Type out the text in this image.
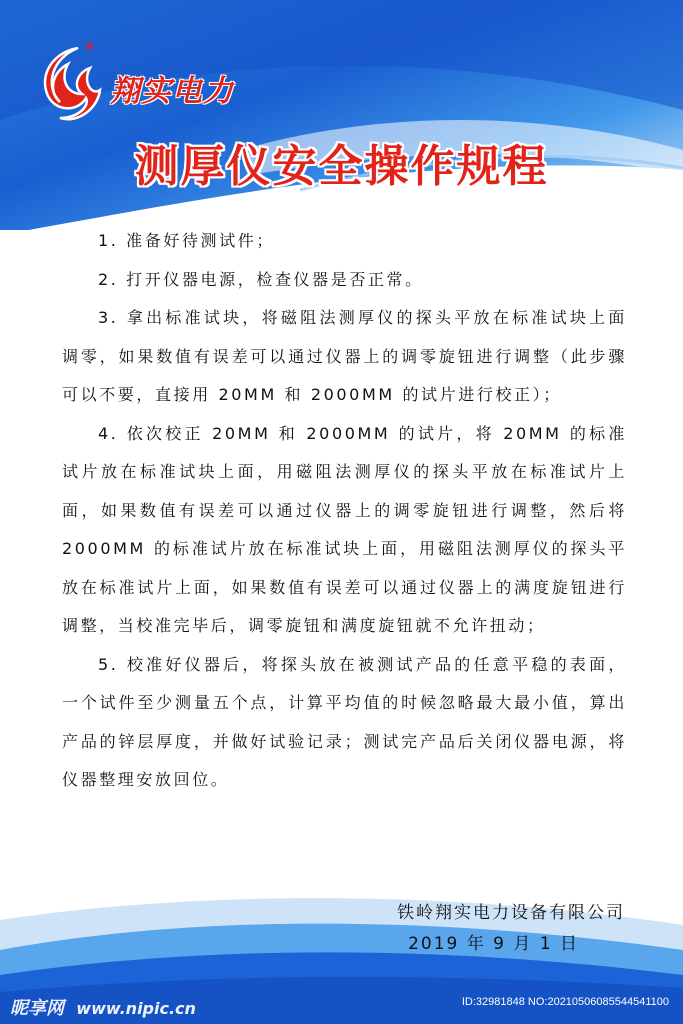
®
翔实电力
测厚仪安全操作规程

1. 准备好待测试件；

2. 打开仪器电源，检查仪器是否正常。

3. 拿出标准试块，将磁阻法测厚仪的探头平放在标准试块上面调零，如果数值有误差可以通过仪器上的调零旋钮进行调整（此步骤可以不要，直接用 20MM 和 2000MM 的试片进行校正）；

4. 依次校正 20MM 和 2000MM 的试片，将 20MM 的标准试片放在标准试块上面，用磁阻法测厚仪的探头平放在标准试片上面，如果数值有误差可以通过仪器上的调零旋钮进行调整，然后将 2000MM 的标准试片放在标准试块上面，用磁阻法测厚仪的探头平放在标准试片上面，如果数值有误差可以通过仪器上的满度旋钮进行调整，当校准完毕后，调零旋钮和满度旋钮就不允许扭动；

5. 校准好仪器后，将探头放在被测试产品的任意平稳的表面，一个试件至少测量五个点，计算平均值的时候忽略最大最小值，算出产品的锌层厚度，并做好试验记录；测试完产品后关闭仪器电源，将仪器整理安放回位。

铁岭翔实电力设备有限公司
2019 年 9 月 1 日
昵享网 www.nipic.cn	ID:32981848 NO:20210506085544541100
